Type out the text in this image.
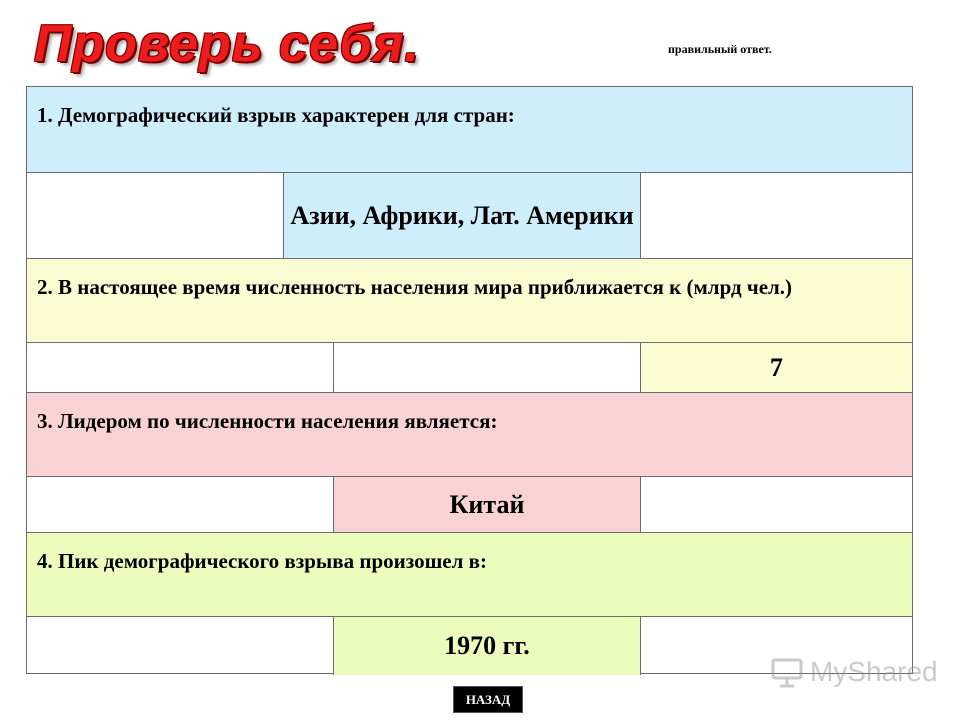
Проверь себя.	правильный ответ.
1. Демографический взрыв характерен для стран:
Азии, Африки, Лат. Америки
2. В настоящее время численность населения мира приближается к (млрд чел.)
7
3. Лидером по численности населения является:
Китай
4. Пик демографического взрыва произошел в:
1970 гг.
НАЗАД
MyShared
